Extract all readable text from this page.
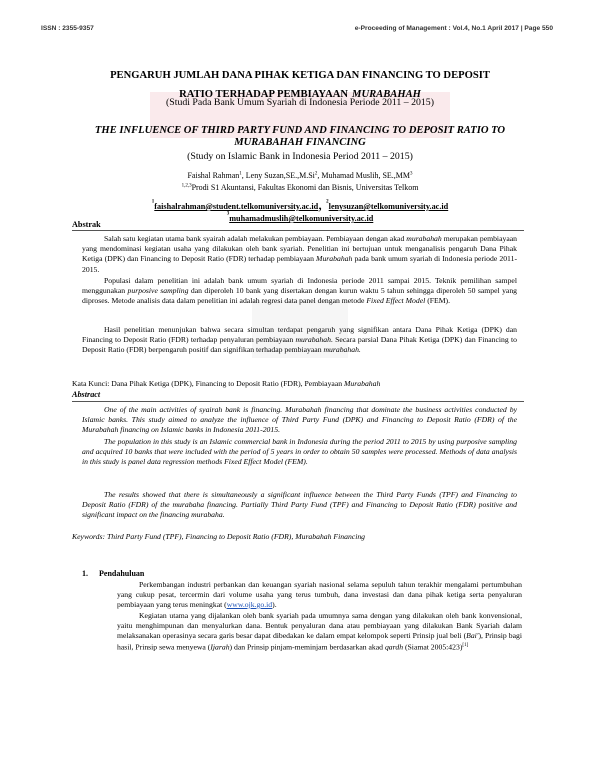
ISSN : 2355-9357	e-Proceeding of Management : Vol.4, No.1 April 2017 | Page 550
PENGARUH JUMLAH DANA PIHAK KETIGA DAN FINANCING TO DEPOSIT
RATIO TERHADAP PEMBIAYAAN MURABAHAH
(Studi Pada Bank Umum Syariah di Indonesia Periode 2011 – 2015)
THE INFLUENCE OF THIRD PARTY FUND AND FINANCING TO DEPOSIT RATIO TO
MURABAHAH FINANCING
(Study on Islamic Bank in Indonesia Period 2011 – 2015)
Faishal Rahman$^1$, Leny Suzan,SE.,M.Si$^2$, Muhamad Muslih, $SE.,MM^3$
$^{1,2,3}$Prodi S1 Akuntansi, Fakultas Ekonomi dan Bisnis, Universitas Telkom
$^1$faishalrahman@student.telkomuniversity.ac.id, $^2$lenysuzan@telkomuniversity.ac.id
$^3$muhamadmuslih@telkomuniversity.ac.id
Abstrak
Salah satu kegiatan utama bank syairah adalah melakukan pembiayaan. Pembiayaan dengan akad murabahah merupakan pembiayaan yang mendominasi kegiatan usaha yang dilakukan oleh bank syariah. Penelitian ini bertujuan untuk menganalisis pengaruh Dana Pihak Ketiga (DPK) dan Financing to Deposit Ratio (FDR) terhadap pembiayaan Murabahah pada bank umum syariah di Indonesia periode 2011-2015.
Populasi dalam penelitian ini adalah bank umum syariah di Indonesia periode 2011 sampai 2015. Teknik pemilihan sampel menggunakan purposive sampling dan diperoleh 10 bank yang disertakan dengan kurun waktu 5 tahun sehingga diperoleh 50 sampel yang diproses. Metode analisis data dalam penelitian ini adalah regresi data panel dengan metode Fixed Effect Model (FEM).
Hasil penelitian menunjukan bahwa secara simultan terdapat pengaruh yang signifikan antara Dana Pihak Ketiga (DPK) dan Financing to Deposit Ratio (FDR) terhadap penyaluran pembiayaan murabahah. Secara parsial Dana Pihak Ketiga (DPK) dan Financing to Deposit Ratio (FDR) berpengaruh positif dan signifikan terhadap pembiayaan murabahah.
Kata Kunci: Dana Pihak Ketiga (DPK), Financing to Deposit Ratio (FDR), Pembiayaan Murabahah
Abstract
One of the main activities of syairah bank is financing. Murabahah financing that dominate the business activities conducted by Islamic banks. This study aimed to analyze the influence of Third Party Fund (DPK) and Financing to Deposit Ratio (FDR) of the Murabahah financing on Islamic banks in Indonesia 2011-2015.
The population in this study is an Islamic commercial bank in Indonesia during the period 2011 to 2015 by using purposive sampling and acquired 10 banks that were included with the period of 5 years in order to obtain 50 samples were processed. Methods of data analysis in this study is panel data regression methods Fixed Effect Model (FEM).
The results showed that there is simultaneously a significant influence between the Third Party Funds (TPF) and Financing to Deposit Ratio (FDR) of the murabaha financing. Partially Third Party Fund (TPF) and Financing to Deposit Ratio (FDR) positive and significant impact on the financing murabaha.
Keywords: Third Party Fund (TPF), Financing to Deposit Ratio (FDR), Murabahah Financing
1. Pendahuluan
Perkembangan industri perbankan dan keuangan syariah nasional selama sepuluh tahun terakhir mengalami pertumbuhan yang cukup pesat, tercermin dari volume usaha yang terus tumbuh, dana investasi dan dana pihak ketiga serta penyaluran pembiayaan yang terus meningkat (www.ojk.go.id).
Kegiatan utama yang dijalankan oleh bank syariah pada umumnya sama dengan yang dilakukan oleh bank konvensional, yaitu menghimpunan dan menyalurkan dana. Bentuk penyaluran dana atau pembiayaan yang dilakukan Bank Syariah dalam melaksanakan operasinya secara garis besar dapat dibedakan ke dalam empat kelompok seperti Prinsip jual beli (Bai'), Prinsip bagi hasil, Prinsip sewa menyewa (Ijarah) dan Prinsip pinjam-meminjam berdasarkan akad qardh (Siamat 2005:423)[1]
